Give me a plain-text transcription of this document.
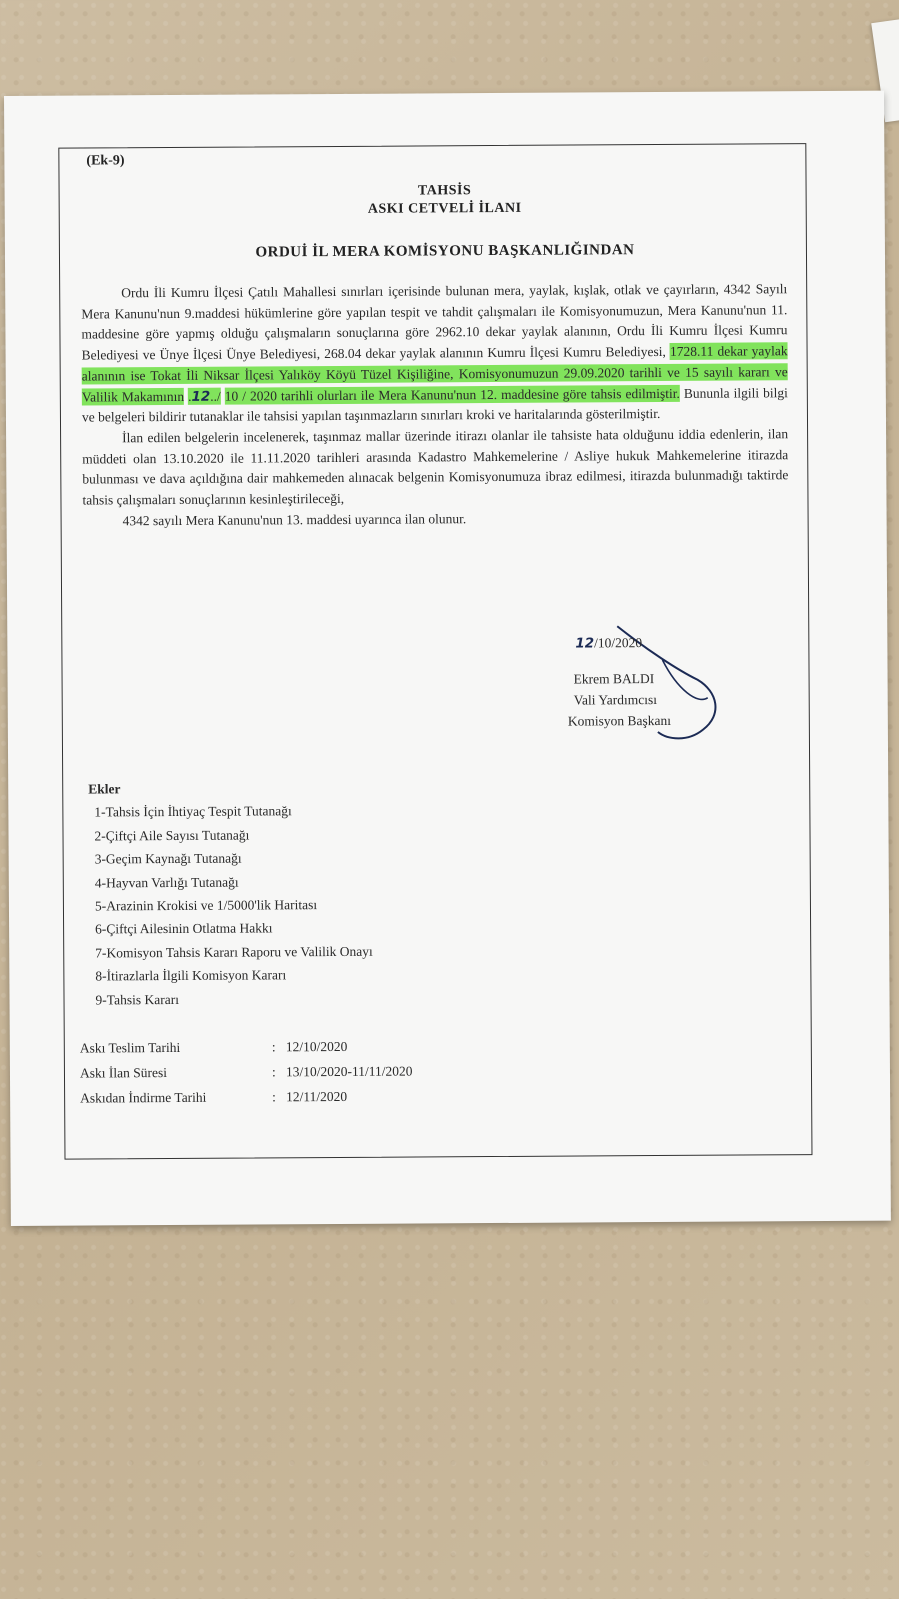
(Ek-9)
TAHSİS
ASKI CETVELİ İLANI
ORDUİ İL MERA KOMİSYONU BAŞKANLIĞINDAN

Ordu İli Kumru İlçesi Çatılı Mahallesi sınırları içerisinde bulunan mera, yaylak, kışlak, otlak ve çayırların, 4342 Sayılı Mera Kanunu'nun 9.maddesi hükümlerine göre yapılan tespit ve tahdit çalışmaları ile Komisyonumuzun, Mera Kanunu'nun 11. maddesine göre yapmış olduğu çalışmaların sonuçlarına göre 2962.10 dekar yaylak alanının, Ordu İli Kumru İlçesi Kumru Belediyesi ve Ünye İlçesi Ünye Belediyesi, 268.04 dekar yaylak alanının Kumru İlçesi Kumru Belediyesi, 1728.11 dekar yaylak alanının ise Tokat İli Niksar İlçesi Yalıköy Köyü Tüzel Kişiliğine, Komisyonumuzun 29.09.2020 tarihli ve 15 sayılı kararı ve Valilik Makamının .12../ 10 / 2020 tarihli olurları ile Mera Kanunu'nun 12. maddesine göre tahsis edilmiştir. Bununla ilgili bilgi ve belgeleri bildirir tutanaklar ile tahsisi yapılan taşınmazların sınırları kroki ve haritalarında gösterilmiştir.

İlan edilen belgelerin incelenerek, taşınmaz mallar üzerinde itirazı olanlar ile tahsiste hata olduğunu iddia edenlerin, ilan müddeti olan 13.10.2020 ile 11.11.2020 tarihleri arasında Kadastro Mahkemelerine / Asliye hukuk Mahkemelerine itirazda bulunması ve dava açıldığına dair mahkemeden alınacak belgenin Komisyonumuza ibraz edilmesi, itirazda bulunmadığı taktirde tahsis çalışmaları sonuçlarının kesinleştirileceği,

4342 sayılı Mera Kanunu'nun 13. maddesi uyarınca ilan olunur.

12/10/2020
Ekrem BALDI
Vali Yardımcısı
Komisyon Başkanı
Ekler
1-Tahsis İçin İhtiyaç Tespit Tutanağı
2-Çiftçi Aile Sayısı Tutanağı
3-Geçim Kaynağı Tutanağı
4-Hayvan Varlığı Tutanağı
5-Arazinin Krokisi ve 1/5000'lik Haritası
6-Çiftçi Ailesinin Otlatma Hakkı
7-Komisyon Tahsis Kararı Raporu ve Valilik Onayı
8-İtirazlarla İlgili Komisyon Kararı
9-Tahsis Kararı
Askı Teslim Tarihi	: 12/10/2020
Askı İlan Süresi	: 13/10/2020-11/11/2020
Askıdan İndirme Tarihi	: 12/11/2020
